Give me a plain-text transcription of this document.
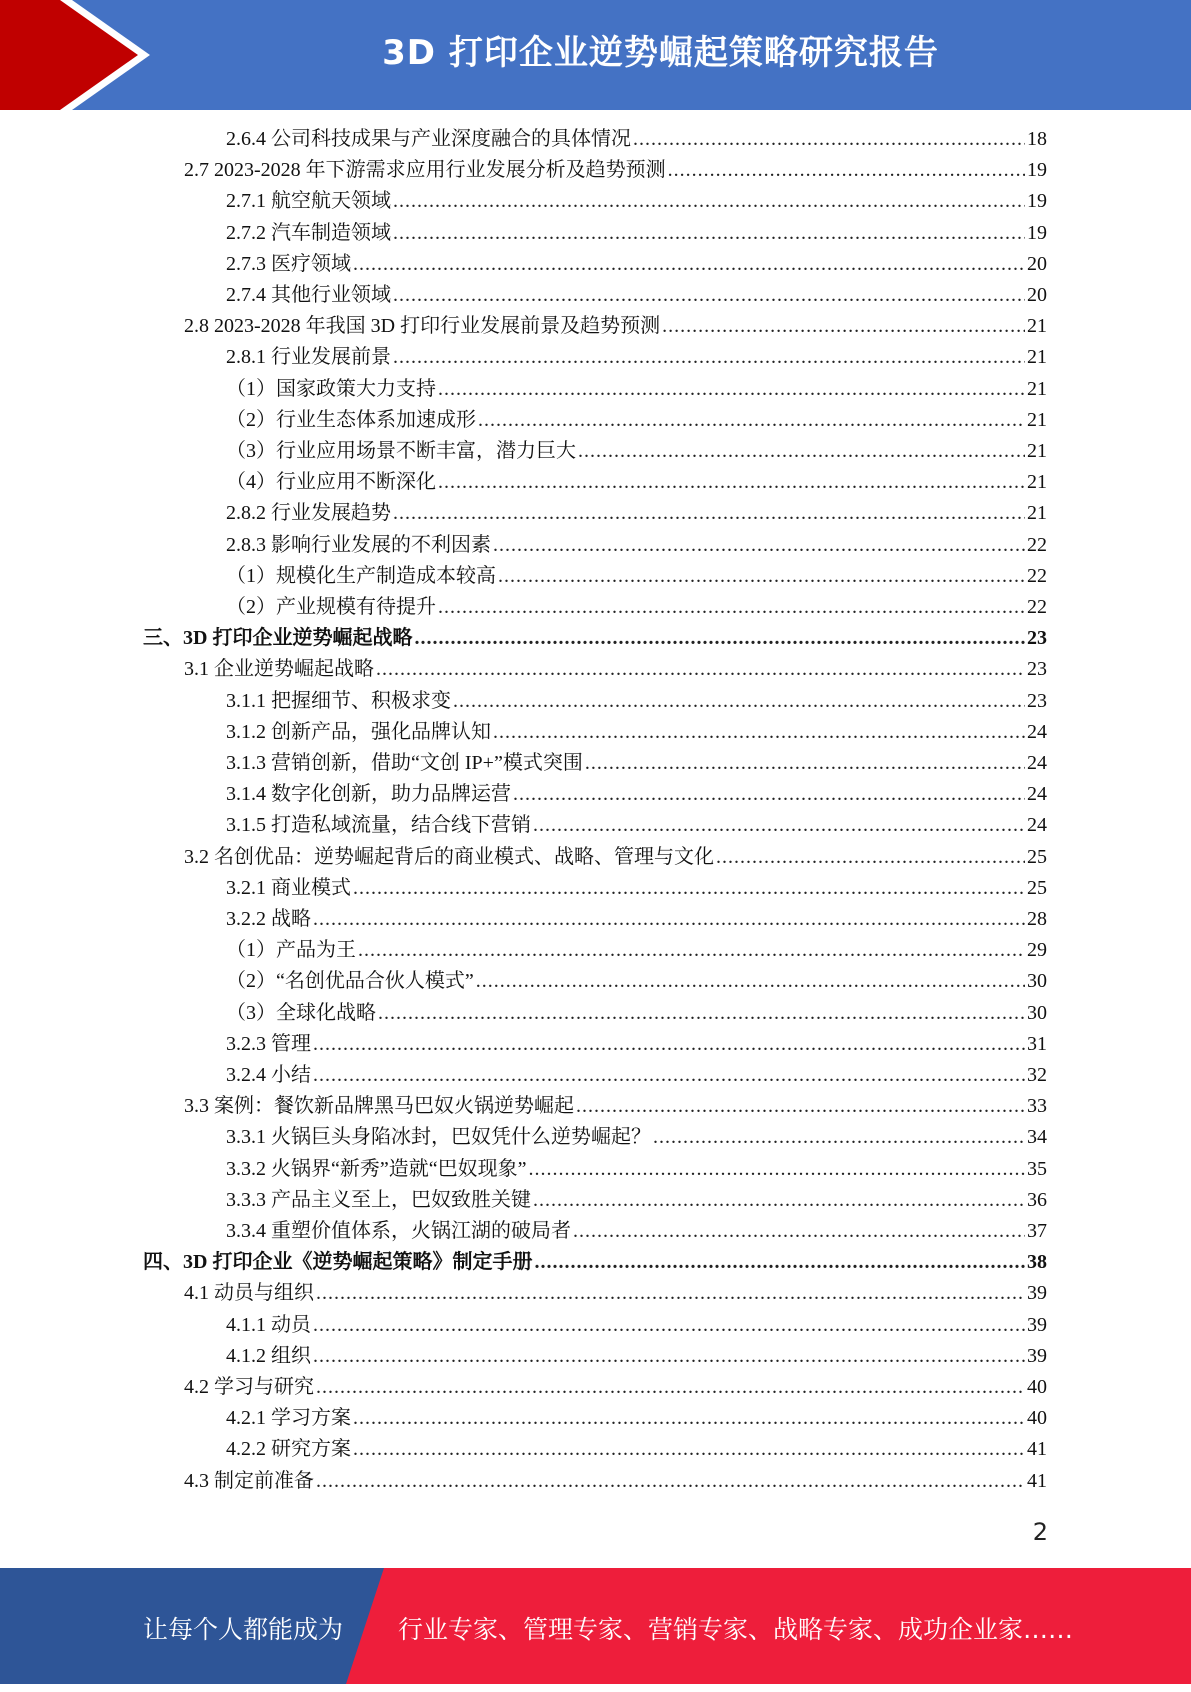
3D 打印企业逆势崛起策略研究报告
2.6.4 公司科技成果与产业深度融合的具体情况 .....	18
2.7 2023-2028 年下游需求应用行业发展分析及趋势预测 .....	19
2.7.1 航空航天领域 .....	19
2.7.2 汽车制造领域 .....	19
2.7.3 医疗领域 .....	20
2.7.4 其他行业领域 .....	20
2.8 2023-2028 年我国 3D 打印行业发展前景及趋势预测 .....	21
2.8.1 行业发展前景 .....	21
（1）国家政策大力支持 .....	21
（2）行业生态体系加速成形 .....	21
（3）行业应用场景不断丰富，潜力巨大 .....	21
（4）行业应用不断深化 .....	21
2.8.2 行业发展趋势 .....	21
2.8.3 影响行业发展的不利因素 .....	22
（1）规模化生产制造成本较高 .....	22
（2）产业规模有待提升 .....	22
三、3D 打印企业逆势崛起战略 .....	23
3.1 企业逆势崛起战略 .....	23
3.1.1 把握细节、积极求变 .....	23
3.1.2 创新产品，强化品牌认知 .....	24
3.1.3 营销创新，借助“文创 IP+”模式突围 .....	24
3.1.4 数字化创新，助力品牌运营 .....	24
3.1.5 打造私域流量，结合线下营销 .....	24
3.2 名创优品：逆势崛起背后的商业模式、战略、管理与文化 .....	25
3.2.1 商业模式 .....	25
3.2.2 战略 .....	28
（1）产品为王 .....	29
（2）“名创优品合伙人模式” .....	30
（3）全球化战略 .....	30
3.2.3 管理 .....	31
3.2.4 小结 .....	32
3.3 案例：餐饮新品牌黑马巴奴火锅逆势崛起 .....	33
3.3.1 火锅巨头身陷冰封，巴奴凭什么逆势崛起？ .....	34
3.3.2 火锅界“新秀”造就“巴奴现象” .....	35
3.3.3 产品主义至上，巴奴致胜关键 .....	36
3.3.4 重塑价值体系，火锅江湖的破局者 .....	37
四、3D 打印企业《逆势崛起策略》制定手册 .....	38
4.1 动员与组织 .....	39
4.1.1 动员 .....	39
4.1.2 组织 .....	39
4.2 学习与研究 .....	40
4.2.1 学习方案 .....	40
4.2.2 研究方案 .....	41
4.3 制定前准备 .....	41
2
让每个人都能成为 行业专家、管理专家、营销专家、战略专家、成功企业家……
